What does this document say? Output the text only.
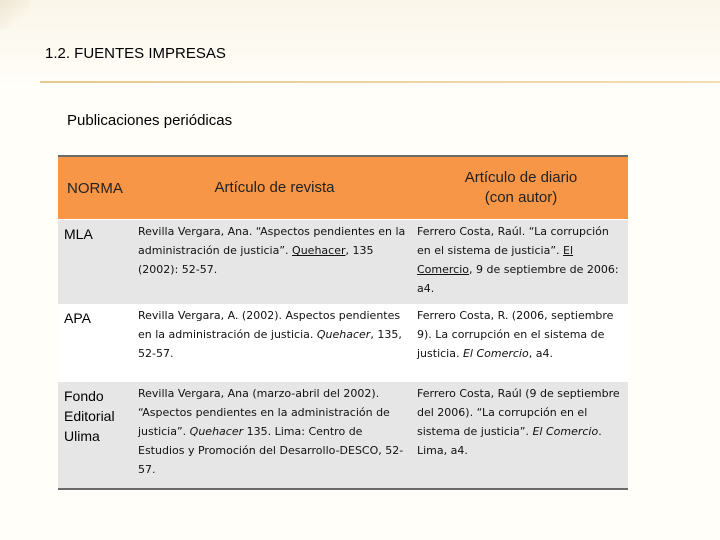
1.2. FUENTES IMPRESAS
Publicaciones periódicas
NORMA	Artículo de revista	Artículo de diario
(con autor)
MLA	Revilla Vergara, Ana. “Aspectos pendientes en la administración de justicia”. Quehacer, 135 (2002): 52-57.	Ferrero Costa, Raúl. “La corrupción en el sistema de justicia”. El Comercio, 9 de septiembre de 2006: a4.
APA	Revilla Vergara, A. (2002). Aspectos pendientes en la administración de justicia. Quehacer, 135, 52-57.	Ferrero Costa, R. (2006, septiembre 9). La corrupción en el sistema de justicia. El Comercio, a4.
Fondo
Editorial
Ulima	Revilla Vergara, Ana (marzo-abril del 2002). “Aspectos pendientes en la administración de justicia”. Quehacer 135. Lima: Centro de Estudios y Promoción del Desarrollo-DESCO, 52-57.	Ferrero Costa, Raúl (9 de septiembre del 2006). “La corrupción en el sistema de justicia”. El Comercio. Lima, a4.
